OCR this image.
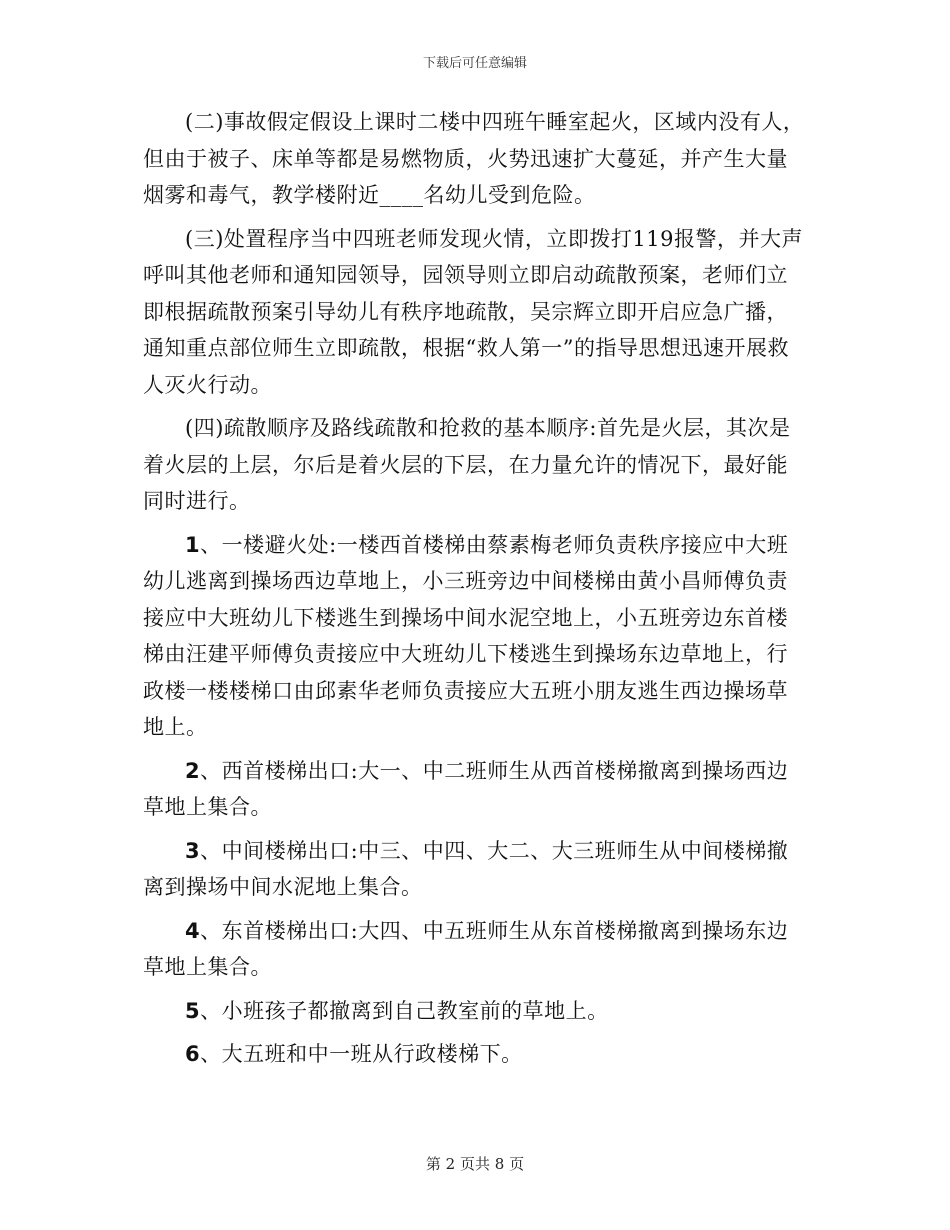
下载后可任意编辑

(二)事故假定假设上课时二楼中四班午睡室起火，区域内没有人，但由于被子、床单等都是易燃物质，火势迅速扩大蔓延，并产生大量烟雾和毒气，教学楼附近____名幼儿受到危险。

(三)处置程序当中四班老师发现火情，立即拨打119报警，并大声呼叫其他老师和通知园领导，园领导则立即启动疏散预案，老师们立即根据疏散预案引导幼儿有秩序地疏散，吴宗辉立即开启应急广播，通知重点部位师生立即疏散，根据“救人第一”的指导思想迅速开展救人灭火行动。

(四)疏散顺序及路线疏散和抢救的基本顺序:首先是火层，其次是着火层的上层，尔后是着火层的下层，在力量允许的情况下，最好能同时进行。

1、一楼避火处:一楼西首楼梯由蔡素梅老师负责秩序接应中大班幼儿逃离到操场西边草地上，小三班旁边中间楼梯由黄小昌师傅负责接应中大班幼儿下楼逃生到操场中间水泥空地上，小五班旁边东首楼梯由汪建平师傅负责接应中大班幼儿下楼逃生到操场东边草地上，行政楼一楼楼梯口由邱素华老师负责接应大五班小朋友逃生西边操场草地上。

2、西首楼梯出口:大一、中二班师生从西首楼梯撤离到操场西边草地上集合。

3、中间楼梯出口:中三、中四、大二、大三班师生从中间楼梯撤离到操场中间水泥地上集合。

4、东首楼梯出口:大四、中五班师生从东首楼梯撤离到操场东边草地上集合。

5、小班孩子都撤离到自己教室前的草地上。

6、大五班和中一班从行政楼梯下。

第 2 页共 8 页
